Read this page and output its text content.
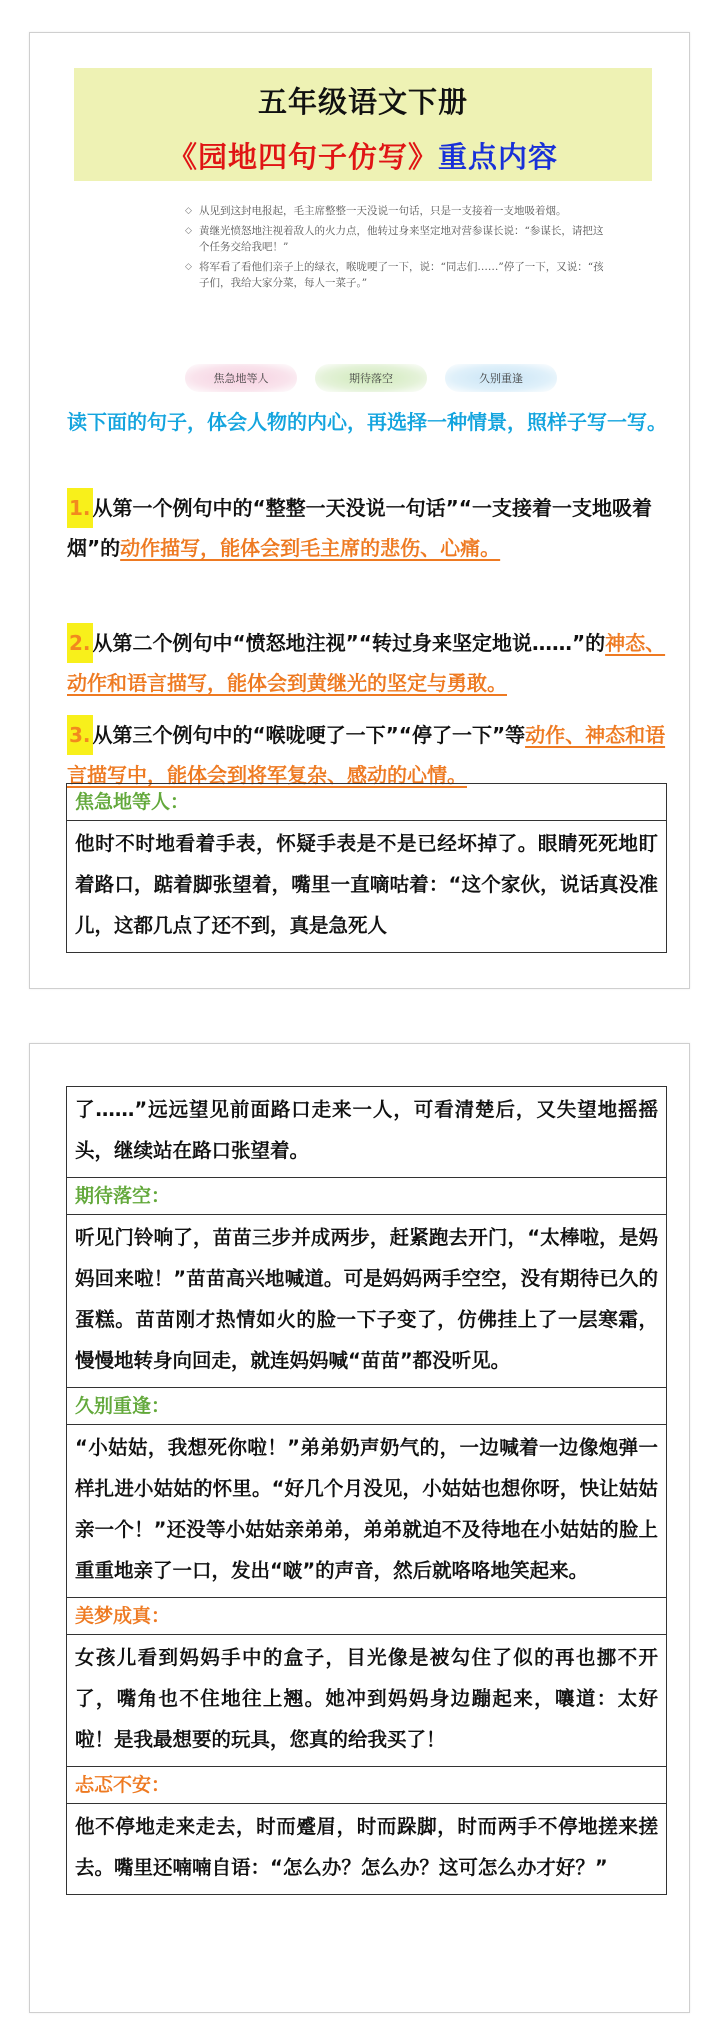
五年级语文下册
《园地四句子仿写》重点内容
◇ 从见到这封电报起，毛主席整整一天没说一句话，只是一支接着一支地吸着烟。
◇ 黄继光愤怒地注视着敌人的火力点，他转过身来坚定地对营参谋长说：“参谋长，请把这个任务交给我吧！”
◇ 将军看了看他们亲子上的绿衣，喉咙哽了一下，说：“同志们……”停了一下，又说：“孩子们，我给大家分菜，每人一菜子。”
焦急地等人	期待落空	久别重逢
读下面的句子，体会人物的内心，再选择一种情景，照样子写一写。
1. 从第一个例句中的“整整一天没说一句话”“一支接着一支地吸着烟”的动作描写，能体会到毛主席的悲伤、心痛。
2. 从第二个例句中“愤怒地注视”“转过身来坚定地说……”的神态、动作和语言描写，能体会到黄继光的坚定与勇敢。
3. 从第三个例句中的“喉咙哽了一下”“停了一下”等动作、神态和语言描写中，能体会到将军复杂、感动的心情。
焦急地等人：
他时不时地看着手表，怀疑手表是不是已经坏掉了。眼睛死死地盯着路口，踮着脚张望着，嘴里一直嘀咕着：“这个家伙，说话真没准儿，这都几点了还不到，真是急死人
了……”远远望见前面路口走来一人，可看清楚后，又失望地摇摇头，继续站在路口张望着。
期待落空：
听见门铃响了，苗苗三步并成两步，赶紧跑去开门，“太棒啦，是妈妈回来啦！”苗苗高兴地喊道。可是妈妈两手空空，没有期待已久的蛋糕。苗苗刚才热情如火的脸一下子变了，仿佛挂上了一层寒霜，慢慢地转身向回走，就连妈妈喊“苗苗”都没听见。
久别重逢：
“小姑姑，我想死你啦！”弟弟奶声奶气的，一边喊着一边像炮弹一样扎进小姑姑的怀里。“好几个月没见，小姑姑也想你呀，快让姑姑亲一个！”还没等小姑姑亲弟弟，弟弟就迫不及待地在小姑姑的脸上重重地亲了一口，发出“啵”的声音，然后就咯咯地笑起来。
美梦成真：
女孩儿看到妈妈手中的盒子，目光像是被勾住了似的再也挪不开了，嘴角也不住地往上翘。她冲到妈妈身边蹦起来，嚷道：太好啦！是我最想要的玩具，您真的给我买了！
忐忑不安：
他不停地走来走去，时而蹙眉，时而跺脚，时而两手不停地搓来搓去。嘴里还喃喃自语：“怎么办？怎么办？这可怎么办才好？”
